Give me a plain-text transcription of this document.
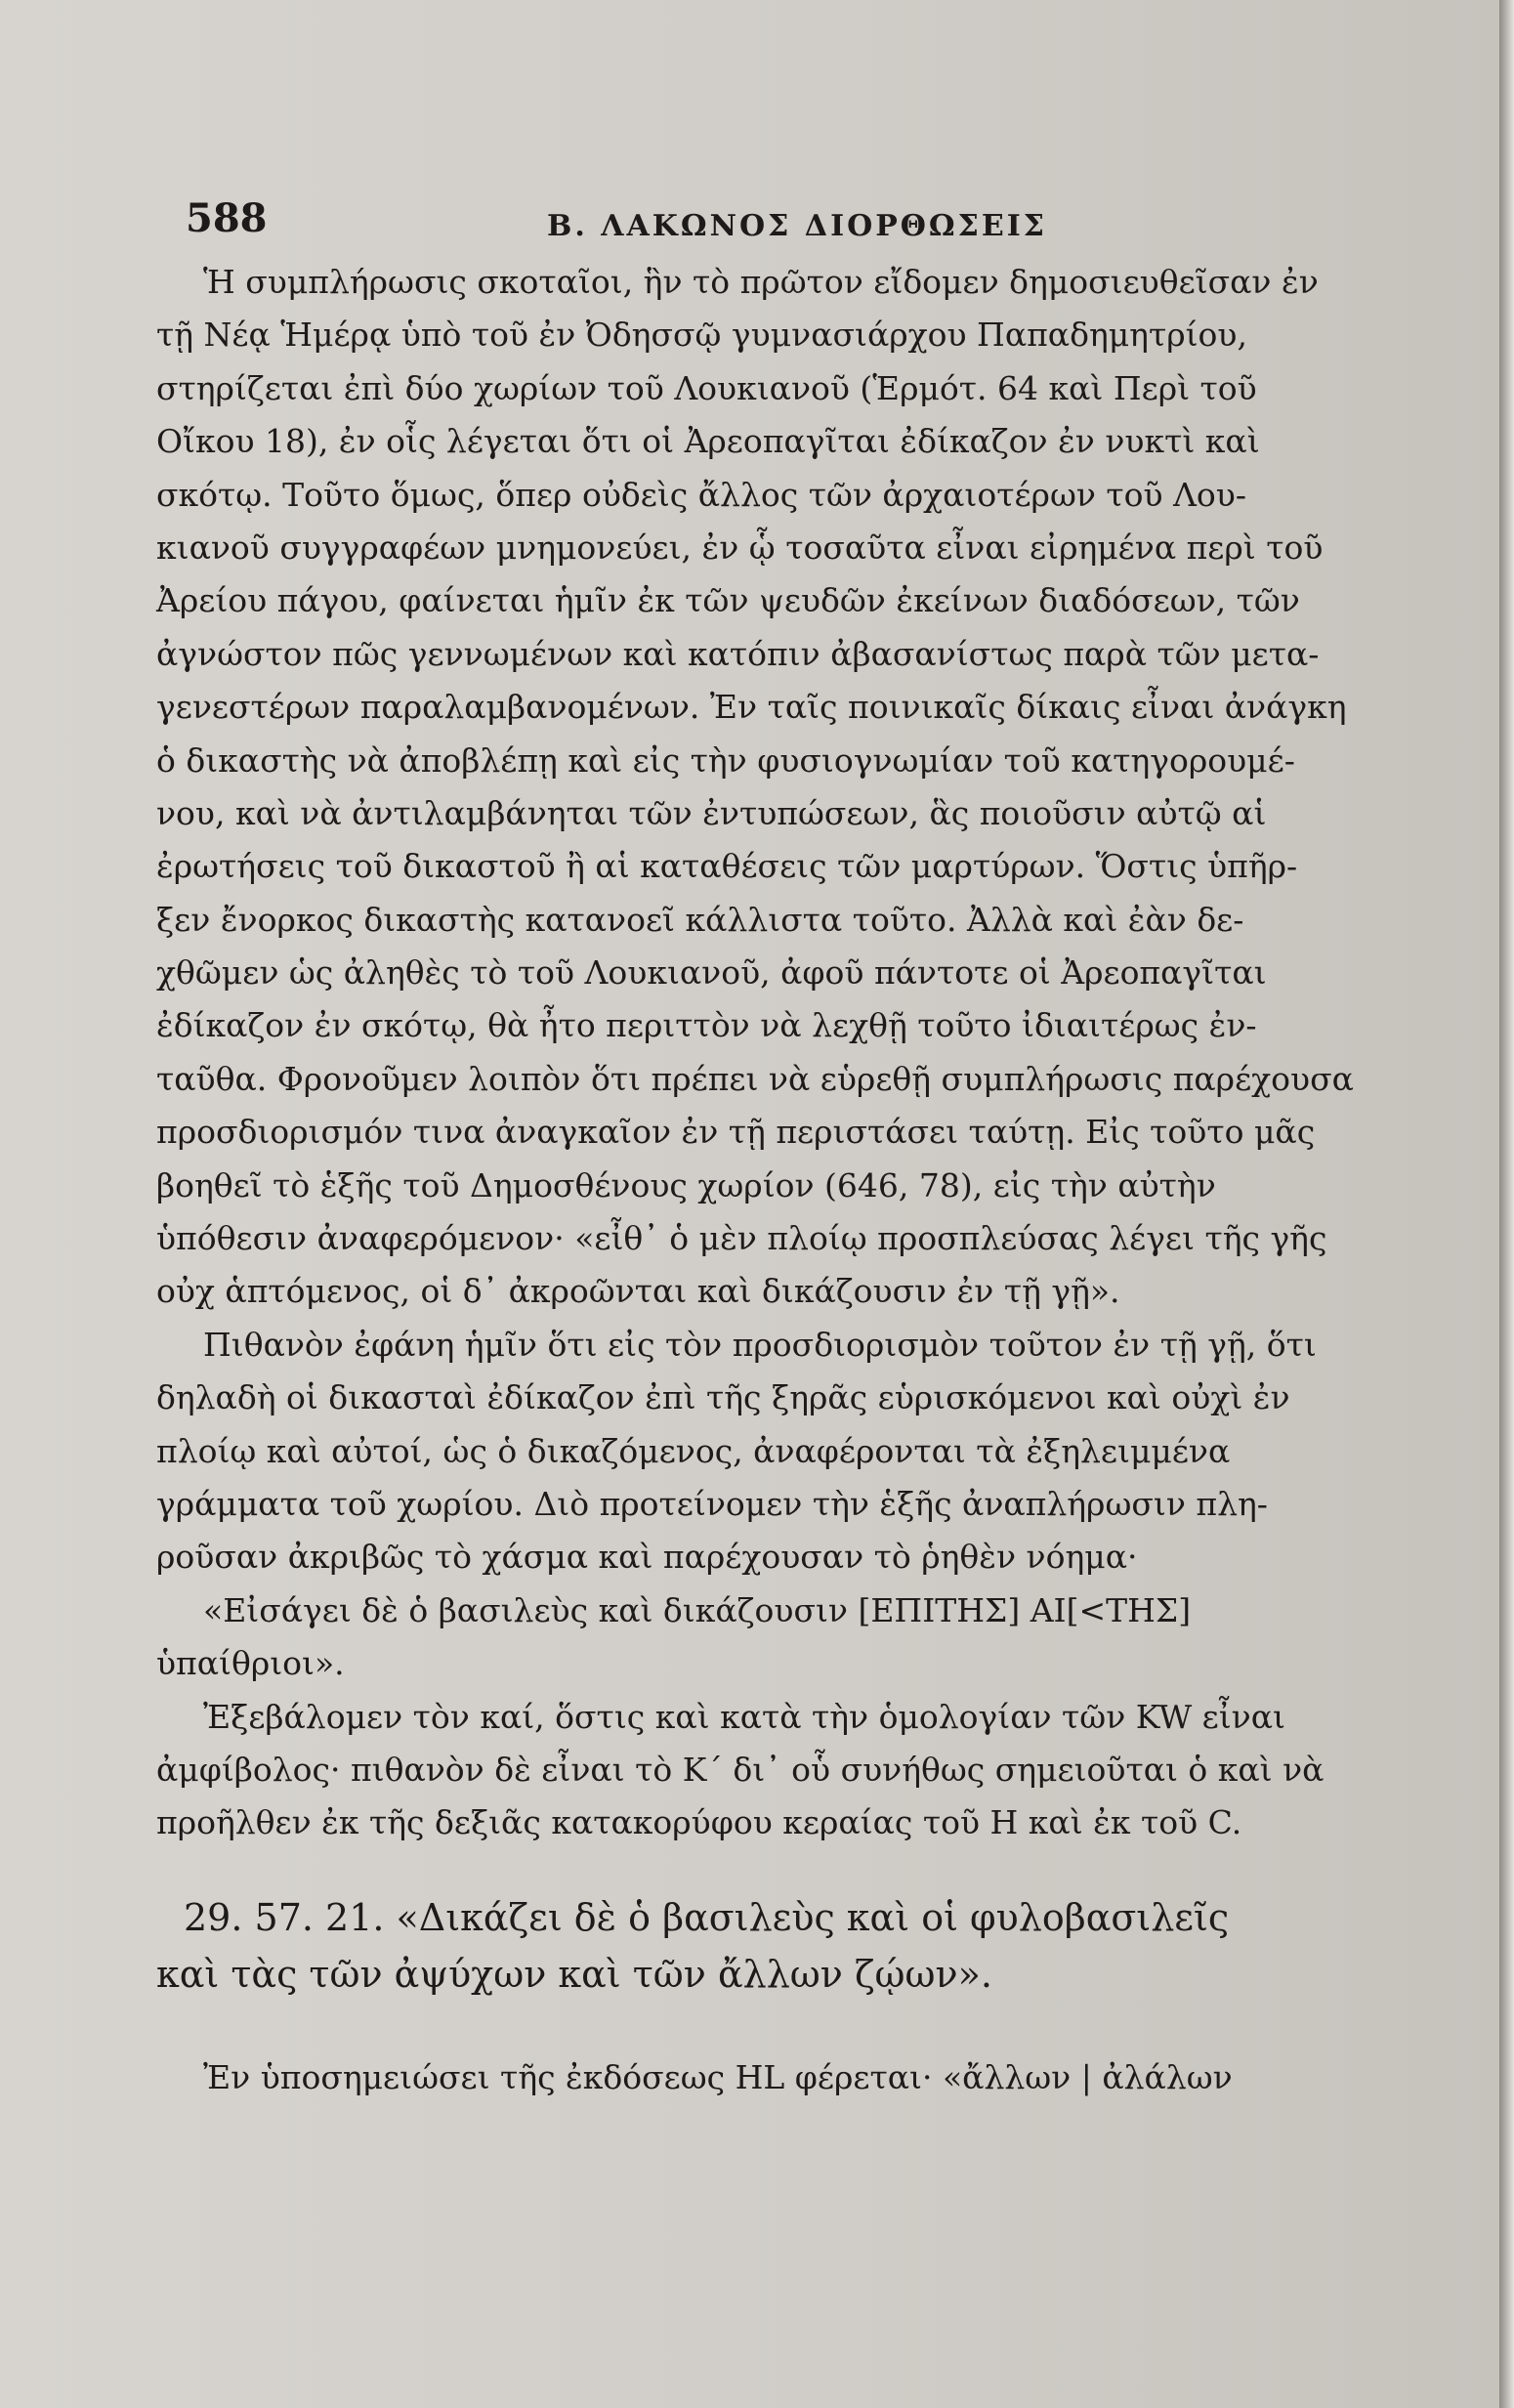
588	Β. ΛΑΚΩΝΟΣ ΔΙΟΡΘΩΣΕΙΣ
Ἡ συμπλήρωσις σκοταῖοι, ἣν τὸ πρῶτον εἴδομεν δημοσιευθεῖσαν ἐν
τῇ Νέᾳ Ἡμέρᾳ ὑπὸ τοῦ ἐν Ὀδησσῷ γυμνασιάρχου Παπαδημητρίου,
στηρίζεται ἐπὶ δύο χωρίων τοῦ Λουκιανοῦ (Ἑρμότ. 64 καὶ Περὶ τοῦ
Οἴκου 18), ἐν οἷς λέγεται ὅτι οἱ Ἀρεοπαγῖται ἐδίκαζον ἐν νυκτὶ καὶ
σκότῳ. Τοῦτο ὅμως, ὅπερ οὐδεὶς ἄλλος τῶν ἀρχαιοτέρων τοῦ Λου-
κιανοῦ συγγραφέων μνημονεύει, ἐν ᾧ τοσαῦτα εἶναι εἰρημένα περὶ τοῦ
Ἀρείου πάγου, φαίνεται ἡμῖν ἐκ τῶν ψευδῶν ἐκείνων διαδόσεων, τῶν
ἀγνώστον πῶς γεννωμένων καὶ κατόπιν ἀβασανίστως παρὰ τῶν μετα-
γενεστέρων παραλαμβανομένων. Ἐν ταῖς ποινικαῖς δίκαις εἶναι ἀνάγκη
ὁ δικαστὴς νὰ ἀποβλέπῃ καὶ εἰς τὴν φυσιογνωμίαν τοῦ κατηγορουμέ-
νου, καὶ νὰ ἀντιλαμβάνηται τῶν ἐντυπώσεων, ἃς ποιοῦσιν αὐτῷ αἱ
ἐρωτήσεις τοῦ δικαστοῦ ἢ αἱ καταθέσεις τῶν μαρτύρων. Ὅστις ὑπῆρ-
ξεν ἔνορκος δικαστὴς κατανοεῖ κάλλιστα τοῦτο. Ἀλλὰ καὶ ἐὰν δε-
χθῶμεν ὡς ἀληθὲς τὸ τοῦ Λουκιανοῦ, ἀφοῦ πάντοτε οἱ Ἀρεοπαγῖται
ἐδίκαζον ἐν σκότῳ, θὰ ἦτο περιττὸν νὰ λεχθῇ τοῦτο ἰδιαιτέρως ἐν-
ταῦθα. Φρονοῦμεν λοιπὸν ὅτι πρέπει νὰ εὑρεθῇ συμπλήρωσις παρέχουσα
προσδιορισμόν τινα ἀναγκαῖον ἐν τῇ περιστάσει ταύτῃ. Εἰς τοῦτο μᾶς
βοηθεῖ τὸ ἑξῆς τοῦ Δημοσθένους χωρίον (646, 78), εἰς τὴν αὐτὴν
ὑπόθεσιν ἀναφερόμενον· «εἶθ᾽ ὁ μὲν πλοίῳ προσπλεύσας λέγει τῆς γῆς
οὐχ ἁπτόμενος, οἱ δ᾽ ἀκροῶνται καὶ δικάζουσιν ἐν τῇ γῇ».
Πιθανὸν ἐφάνη ἡμῖν ὅτι εἰς τὸν προσδιορισμὸν τοῦτον ἐν τῇ γῇ, ὅτι
δηλαδὴ οἱ δικασταὶ ἐδίκαζον ἐπὶ τῆς ξηρᾶς εὑρισκόμενοι καὶ οὐχὶ ἐν
πλοίῳ καὶ αὐτοί, ὡς ὁ δικαζόμενος, ἀναφέρονται τὰ ἐξηλειμμένα
γράμματα τοῦ χωρίου. Διὸ προτείνομεν τὴν ἑξῆς ἀναπλήρωσιν πλη-
ροῦσαν ἀκριβῶς τὸ χάσμα καὶ παρέχουσαν τὸ ῥηθὲν νόημα·
«Εἰσάγει δὲ ὁ βασιλεὺς καὶ δικάζουσιν [ΕΠΙΤΗΣ] ΑΙ[<ΤΗΣ]
ὑπαίθριοι».
Ἐξεβάλομεν τὸν καί, ὅστις καὶ κατὰ τὴν ὁμολογίαν τῶν KW εἶναι
ἀμφίβολος· πιθανὸν δὲ εἶναι τὸ Κ΄ δι᾽ οὗ συνήθως σημειοῦται ὁ καὶ νὰ
προῆλθεν ἐκ τῆς δεξιᾶς κατακορύφου κεραίας τοῦ Η καὶ ἐκ τοῦ C.
29. 57. 21. «Δικάζει δὲ ὁ βασιλεὺς καὶ οἱ φυλοβασιλεῖς
καὶ τὰς τῶν ἀψύχων καὶ τῶν ἄλλων ζῴων».
Ἐν ὑποσημειώσει τῆς ἐκδόσεως HL φέρεται· «ἄλλων | ἀλάλων
